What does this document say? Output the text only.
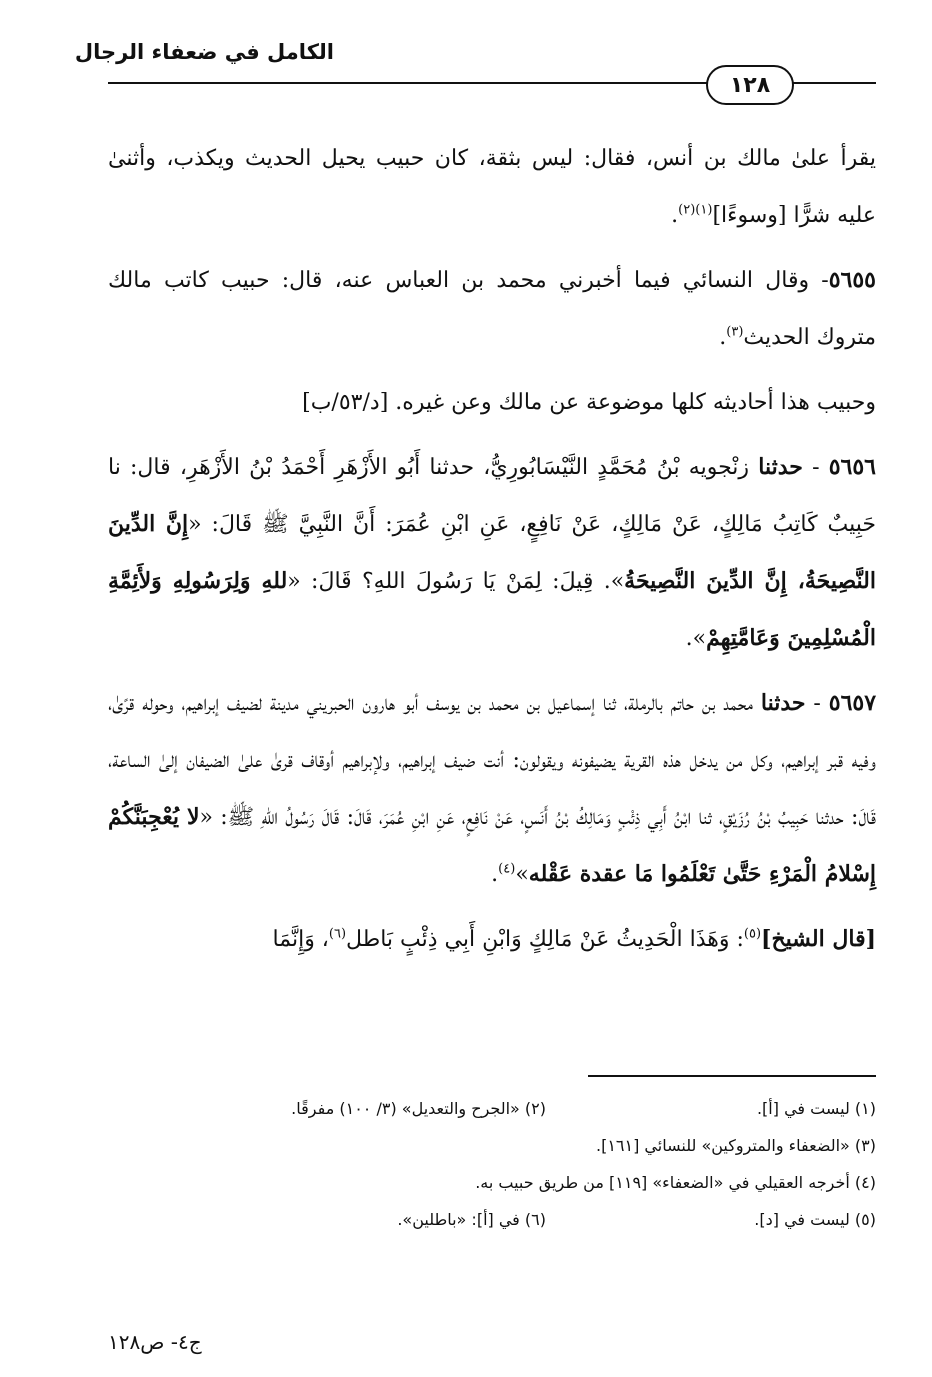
الكامل في ضعفاء الرجال
١٢٨

يقرأ علىٰ مالك بن أنس، فقال: ليس بثقة، كان حبيب يحيل الحديث ويكذب، وأثنىٰ عليه شرًّا [وسوءًا]$^{(١)(٢)}$.

٥٦٥٥- وقال النسائي فيما أخبرني محمد بن العباس عنه، قال: حبيب كاتب مالك متروك الحديث$^{(٣)}$.

وحبيب هذا أحاديثه كلها موضوعة عن مالك وعن غيره. [د/٥٣/ب]

٥٦٥٦ - حدثنا زنْجويه بْنُ مُحَمَّدٍ النَّيْسَابُورِيُّ، حدثنا أَبُو الأَزْهَرِ أَحْمَدُ بْنُ الأَزْهَرِ، قال: نا حَبِيبٌ كَاتِبُ مَالِكٍ، عَنْ مَالِكٍ، عَنْ نَافِعٍ، عَنِ ابْنِ عُمَرَ: أَنَّ النَّبِيَّ ﷺ قَالَ: «إِنَّ الدِّينَ النَّصِيحَةُ، إِنَّ الدِّينَ النَّصِيحَةُ». قِيلَ: لِمَنْ يَا رَسُولَ اللهِ؟ قَالَ: «للهِ وَلِرَسُولِهِ وَلأَئِمَّةِ الْمُسْلِمِينَ وَعَامَّتِهِمْ».

٥٦٥٧ - حدثنا محمد بن حاتم بالرملة، ثنا إسماعيل بن محمد بن يوسف أبو هارون الحبريني مدينة لضيف إبراهيم، وحوله قرًىٰ، وفيه قبر إبراهيم، وكل من يدخل هذه القرية يضيفونه ويقولون: أنت ضيف إبراهيم، ولإبراهيم أوقاف قرىٰ علىٰ الضيفان إلىٰ الساعة، قَالَ: حدثنا حَبِيبُ بْنُ رُزَيْقٍ، ثنا ابْنُ أَبِي ذِئْبٍ وَمَالِكُ بْنُ أَنَسٍ، عَنْ نَافِعٍ، عَنِ ابْنِ عُمَرَ، قَالَ: قَالَ رَسُولُ اللهِ ﷺ: «لا يُعْجِبَنَّكُمْ إِسْلامُ الْمَرْءِ حَتَّىٰ تَعْلَمُوا مَا عقدة عَقْله»$^{(٤)}$.

[قال الشيخ]$^{(٥)}$: وَهَذَا الْحَدِيثُ عَنْ مَالِكٍ وَابْنِ أَبِي ذِئْبٍ بَاطل$^{(٦)}$، وَإِنَّمَا

(١) ليست في [أ].
(٢) «الجرح والتعديل» (٣/ ١٠٠) مفرقًا.
(٣) «الضعفاء والمتروكين» للنسائي [١٦١].
(٤) أخرجه العقيلي في «الضعفاء» [١١٩] من طريق حبيب به.
(٥) ليست في [د].
(٦) في [أ]: «باطلين».
ج٤- ص١٢٨
